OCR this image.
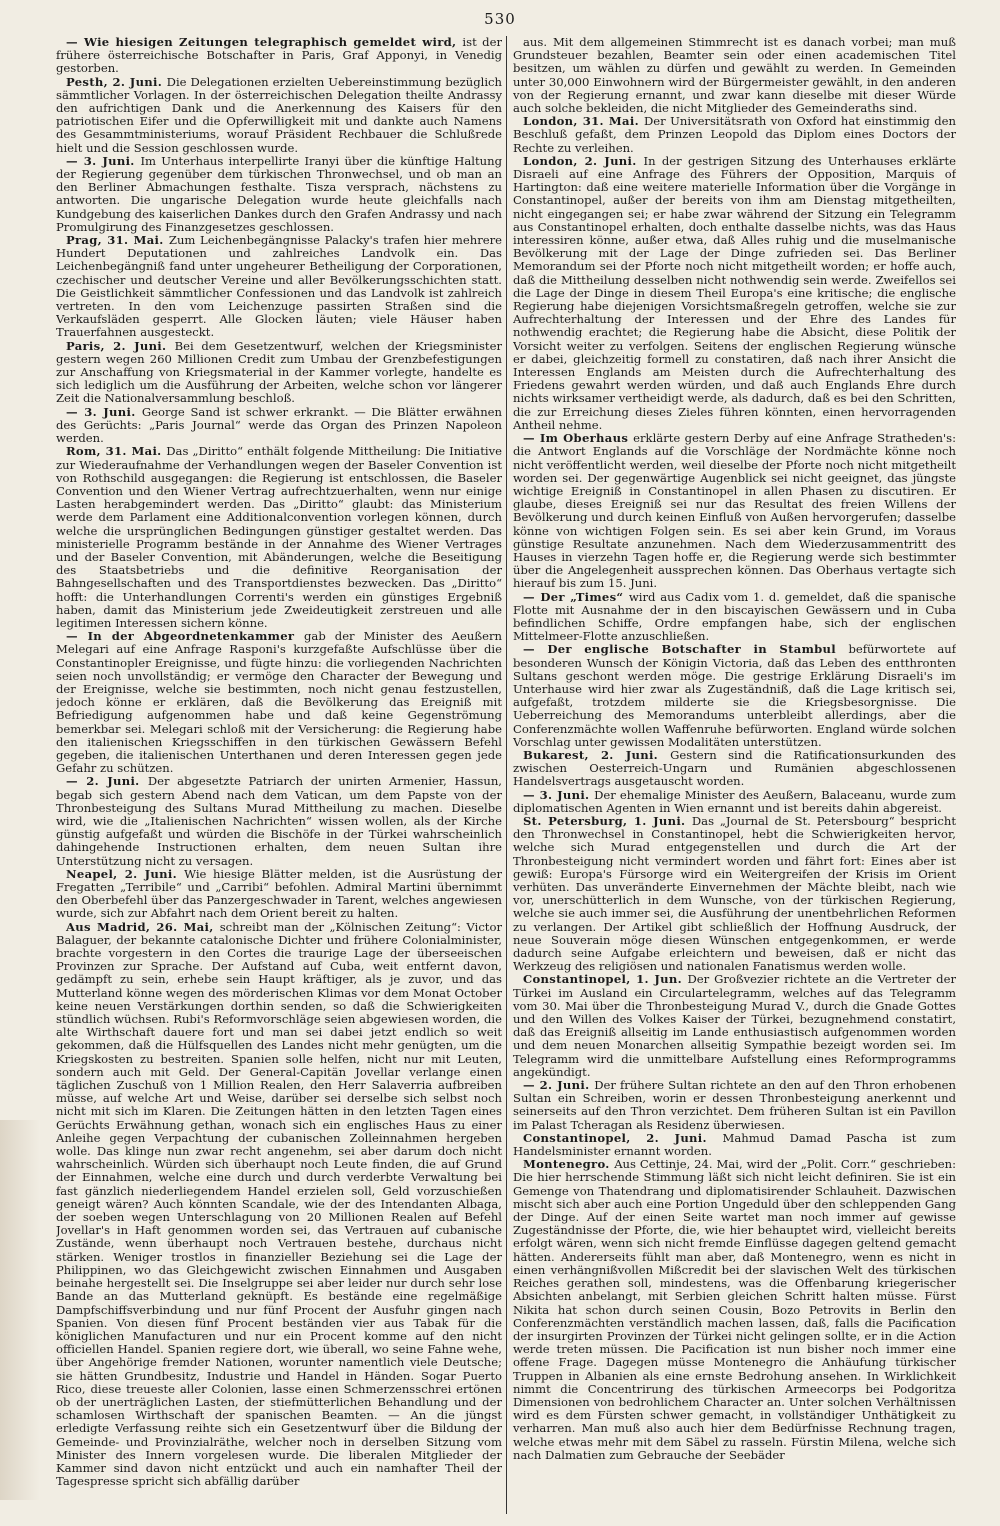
530

— Wie hiesigen Zeitungen telegraphisch gemeldet wird, ist der frühere österreichische Botschafter in Paris, Graf Apponyi, in Venedig gestorben.

Pesth, 2. Juni. Die Delegationen erzielten Uebereinstimmung bezüglich sämmtlicher Vorlagen. In der österreichischen Delegation theilte Andrassy den aufrichtigen Dank und die Anerkennung des Kaisers für den patriotischen Eifer und die Opferwilligkeit mit und dankte auch Namens des Gesammtministeriums, worauf Präsident Rechbauer die Schlußrede hielt und die Session geschlossen wurde.

— 3. Juni. Im Unterhaus interpellirte Iranyi über die künftige Haltung der Regierung gegenüber dem türkischen Thronwechsel, und ob man an den Berliner Abmachungen festhalte. Tisza versprach, nächstens zu antworten. Die ungarische Delegation wurde heute gleichfalls nach Kundgebung des kaiserlichen Dankes durch den Grafen Andrassy und nach Promulgirung des Finanzgesetzes geschlossen.

Prag, 31. Mai. Zum Leichenbegängnisse Palacky's trafen hier mehrere Hundert Deputationen und zahlreiches Landvolk ein. Das Leichenbegängniß fand unter ungeheurer Betheiligung der Corporationen, czechischer und deutscher Vereine und aller Bevölkerungsschichten statt. Die Geistlichkeit sämmtlicher Confessionen und das Landvolk ist zahlreich vertreten. In den vom Leichenzuge passirten Straßen sind die Verkaufsläden gesperrt. Alle Glocken läuten; viele Häuser haben Trauerfahnen ausgesteckt.

Paris, 2. Juni. Bei dem Gesetzentwurf, welchen der Kriegsminister gestern wegen 260 Millionen Credit zum Umbau der Grenzbefestigungen zur Anschaffung von Kriegsmaterial in der Kammer vorlegte, handelte es sich lediglich um die Ausführung der Arbeiten, welche schon vor längerer Zeit die Nationalversammlung beschloß.

— 3. Juni. George Sand ist schwer erkrankt. — Die Blätter erwähnen des Gerüchts: „Paris Journal“ werde das Organ des Prinzen Napoleon werden.

Rom, 31. Mai. Das „Diritto“ enthält folgende Mittheilung: Die Initiative zur Wiederaufnahme der Verhandlungen wegen der Baseler Convention ist von Rothschild ausgegangen: die Regierung ist entschlossen, die Baseler Convention und den Wiener Vertrag aufrechtzuerhalten, wenn nur einige Lasten herabgemindert werden. Das „Diritto“ glaubt: das Ministerium werde dem Parlament eine Additionalconvention vorlegen können, durch welche die ursprünglichen Bedingungen günstiger gestaltet werden. Das ministerielle Programm bestände in der Annahme des Wiener Vertrages und der Baseler Convention, mit Abänderungen, welche die Beseitigung des Staatsbetriebs und die definitive Reorganisation der Bahngesellschaften und des Transportdienstes bezwecken. Das „Diritto“ hofft: die Unterhandlungen Correnti's werden ein günstiges Ergebniß haben, damit das Ministerium jede Zweideutigkeit zerstreuen und alle legitimen Interessen sichern könne.

— In der Abgeordnetenkammer gab der Minister des Aeußern Melegari auf eine Anfrage Rasponi's kurzgefaßte Aufschlüsse über die Constantinopler Ereignisse, und fügte hinzu: die vorliegenden Nachrichten seien noch unvollständig; er vermöge den Character der Bewegung und der Ereignisse, welche sie bestimmten, noch nicht genau festzustellen, jedoch könne er erklären, daß die Bevölkerung das Ereigniß mit Befriedigung aufgenommen habe und daß keine Gegenströmung bemerkbar sei. Melegari schloß mit der Versicherung: die Regierung habe den italienischen Kriegsschiffen in den türkischen Gewässern Befehl gegeben, die italienischen Unterthanen und deren Interessen gegen jede Gefahr zu schützen.

— 2. Juni. Der abgesetzte Patriarch der unirten Armenier, Hassun, begab sich gestern Abend nach dem Vatican, um dem Papste von der Thronbesteigung des Sultans Murad Mittheilung zu machen. Dieselbe wird, wie die „Italienischen Nachrichten“ wissen wollen, als der Kirche günstig aufgefaßt und würden die Bischöfe in der Türkei wahrscheinlich dahingehende Instructionen erhalten, dem neuen Sultan ihre Unterstützung nicht zu versagen.

Neapel, 2. Juni. Wie hiesige Blätter melden, ist die Ausrüstung der Fregatten „Terribile“ und „Carribi“ befohlen. Admiral Martini übernimmt den Oberbefehl über das Panzergeschwader in Tarent, welches angewiesen wurde, sich zur Abfahrt nach dem Orient bereit zu halten.

Aus Madrid, 26. Mai, schreibt man der „Kölnischen Zeitung“: Victor Balaguer, der bekannte catalonische Dichter und frühere Colonialminister, brachte vorgestern in den Cortes die traurige Lage der überseeischen Provinzen zur Sprache. Der Aufstand auf Cuba, weit entfernt davon, gedämpft zu sein, erhebe sein Haupt kräftiger, als je zuvor, und das Mutterland könne wegen des mörderischen Klimas vor dem Monat October keine neuen Verstärkungen dorthin senden, so daß die Schwierigkeiten stündlich wüchsen. Rubi's Reformvorschläge seien abgewiesen worden, die alte Wirthschaft dauere fort und man sei dabei jetzt endlich so weit gekommen, daß die Hülfsquellen des Landes nicht mehr genügten, um die Kriegskosten zu bestreiten. Spanien solle helfen, nicht nur mit Leuten, sondern auch mit Geld. Der General-Capitän Jovellar verlange einen täglichen Zuschuß von 1 Million Realen, den Herr Salaverria aufbreiben müsse, auf welche Art und Weise, darüber sei derselbe sich selbst noch nicht mit sich im Klaren. Die Zeitungen hätten in den letzten Tagen eines Gerüchts Erwähnung gethan, wonach sich ein englisches Haus zu einer Anleihe gegen Verpachtung der cubanischen Zolleinnahmen hergeben wolle. Das klinge nun zwar recht angenehm, sei aber darum doch nicht wahrscheinlich. Würden sich überhaupt noch Leute finden, die auf Grund der Einnahmen, welche eine durch und durch verderbte Verwaltung bei fast gänzlich niederliegendem Handel erzielen soll, Geld vorzuschießen geneigt wären? Auch könnten Scandale, wie der des Intendanten Albaga, der soeben wegen Unterschlagung von 20 Millionen Realen auf Befehl Jovellar's in Haft genommen worden sei, das Vertrauen auf cubanische Zustände, wenn überhaupt noch Vertrauen bestehe, durchaus nicht stärken. Weniger trostlos in finanzieller Beziehung sei die Lage der Philippinen, wo das Gleichgewicht zwischen Einnahmen und Ausgaben beinahe hergestellt sei. Die Inselgruppe sei aber leider nur durch sehr lose Bande an das Mutterland geknüpft. Es bestände eine regelmäßige Dampfschiffsverbindung und nur fünf Procent der Ausfuhr gingen nach Spanien. Von diesen fünf Procent beständen vier aus Tabak für die königlichen Manufacturen und nur ein Procent komme auf den nicht officiellen Handel. Spanien regiere dort, wie überall, wo seine Fahne wehe, über Angehörige fremder Nationen, worunter namentlich viele Deutsche; sie hätten Grundbesitz, Industrie und Handel in Händen. Sogar Puerto Rico, diese treueste aller Colonien, lasse einen Schmerzensschrei ertönen ob der unerträglichen Lasten, der stiefmütterlichen Behandlung und der schamlosen Wirthschaft der spanischen Beamten. — An die jüngst erledigte Verfassung reihte sich ein Gesetzentwurf über die Bildung der Gemeinde- und Provinzialräthe, welcher noch in derselben Sitzung vom Minister des Innern vorgelesen wurde. Die liberalen Mitglieder der Kammer sind davon nicht entzückt und auch ein namhafter Theil der Tagespresse spricht sich abfällig darüber

aus. Mit dem allgemeinen Stimmrecht ist es danach vorbei; man muß Grundsteuer bezahlen, Beamter sein oder einen academischen Titel besitzen, um wählen zu dürfen und gewählt zu werden. In Gemeinden unter 30,000 Einwohnern wird der Bürgermeister gewählt, in den anderen von der Regierung ernannt, und zwar kann dieselbe mit dieser Würde auch solche bekleiden, die nicht Mitglieder des Gemeinderaths sind.

London, 31. Mai. Der Universitätsrath von Oxford hat einstimmig den Beschluß gefaßt, dem Prinzen Leopold das Diplom eines Doctors der Rechte zu verleihen.

London, 2. Juni. In der gestrigen Sitzung des Unterhauses erklärte Disraeli auf eine Anfrage des Führers der Opposition, Marquis of Hartington: daß eine weitere materielle Information über die Vorgänge in Constantinopel, außer der bereits von ihm am Dienstag mitgetheilten, nicht eingegangen sei; er habe zwar während der Sitzung ein Telegramm aus Constantinopel erhalten, doch enthalte dasselbe nichts, was das Haus interessiren könne, außer etwa, daß Alles ruhig und die muselmanische Bevölkerung mit der Lage der Dinge zufrieden sei. Das Berliner Memorandum sei der Pforte noch nicht mitgetheilt worden; er hoffe auch, daß die Mittheilung desselben nicht nothwendig sein werde. Zweifellos sei die Lage der Dinge in diesem Theil Europa's eine kritische; die englische Regierung habe diejenigen Vorsichtsmaßregeln getroffen, welche sie zur Aufrechterhaltung der Interessen und der Ehre des Landes für nothwendig erachtet; die Regierung habe die Absicht, diese Politik der Vorsicht weiter zu verfolgen. Seitens der englischen Regierung wünsche er dabei, gleichzeitig formell zu constatiren, daß nach ihrer Ansicht die Interessen Englands am Meisten durch die Aufrechterhaltung des Friedens gewahrt werden würden, und daß auch Englands Ehre durch nichts wirksamer vertheidigt werde, als dadurch, daß es bei den Schritten, die zur Erreichung dieses Zieles führen könnten, einen hervorragenden Antheil nehme.

— Im Oberhaus erklärte gestern Derby auf eine Anfrage Stratheden's: die Antwort Englands auf die Vorschläge der Nordmächte könne noch nicht veröffentlicht werden, weil dieselbe der Pforte noch nicht mitgetheilt worden sei. Der gegenwärtige Augenblick sei nicht geeignet, das jüngste wichtige Ereigniß in Constantinopel in allen Phasen zu discutiren. Er glaube, dieses Ereigniß sei nur das Resultat des freien Willens der Bevölkerung und durch keinen Einfluß von Außen hervorgerufen; dasselbe könne von wichtigen Folgen sein. Es sei aber kein Grund, im Voraus günstige Resultate anzunehmen. Nach dem Wiederzusammentritt des Hauses in vierzehn Tagen hoffe er, die Regierung werde sich bestimmter über die Angelegenheit aussprechen können. Das Oberhaus vertagte sich hierauf bis zum 15. Juni.

— Der „Times“ wird aus Cadix vom 1. d. gemeldet, daß die spanische Flotte mit Ausnahme der in den biscayischen Gewässern und in Cuba befindlichen Schiffe, Ordre empfangen habe, sich der englischen Mittelmeer-Flotte anzuschließen.

— Der englische Botschafter in Stambul befürwortete auf besonderen Wunsch der Königin Victoria, daß das Leben des entthronten Sultans geschont werden möge. Die gestrige Erklärung Disraeli's im Unterhause wird hier zwar als Zugeständniß, daß die Lage kritisch sei, aufgefaßt, trotzdem milderte sie die Kriegsbesorgnisse. Die Ueberreichung des Memorandums unterbleibt allerdings, aber die Conferenzmächte wollen Waffenruhe befürworten. England würde solchen Vorschlag unter gewissen Modalitäten unterstützen.

Bukarest, 2. Juni. Gestern sind die Ratificationsurkunden des zwischen Oesterreich-Ungarn und Rumänien abgeschlossenen Handelsvertrags ausgetauscht worden.

— 3. Juni. Der ehemalige Minister des Aeußern, Balaceanu, wurde zum diplomatischen Agenten in Wien ernannt und ist bereits dahin abgereist.

St. Petersburg, 1. Juni. Das „Journal de St. Petersbourg“ bespricht den Thronwechsel in Constantinopel, hebt die Schwierigkeiten hervor, welche sich Murad entgegenstellen und durch die Art der Thronbesteigung nicht vermindert worden und fährt fort: Eines aber ist gewiß: Europa's Fürsorge wird ein Weitergreifen der Krisis im Orient verhüten. Das unveränderte Einvernehmen der Mächte bleibt, nach wie vor, unerschütterlich in dem Wunsche, von der türkischen Regierung, welche sie auch immer sei, die Ausführung der unentbehrlichen Reformen zu verlangen. Der Artikel gibt schließlich der Hoffnung Ausdruck, der neue Souverain möge diesen Wünschen entgegenkommen, er werde dadurch seine Aufgabe erleichtern und beweisen, daß er nicht das Werkzeug des religiösen und nationalen Fanatismus werden wolle.

Constantinopel, 1. Jun. Der Großvezier richtete an die Vertreter der Türkei im Ausland ein Circulartelegramm, welches auf das Telegramm vom 30. Mai über die Thronbesteigung Murad V., durch die Gnade Gottes und den Willen des Volkes Kaiser der Türkei, bezugnehmend constatirt, daß das Ereigniß allseitig im Lande enthusiastisch aufgenommen worden und dem neuen Monarchen allseitig Sympathie bezeigt worden sei. Im Telegramm wird die unmittelbare Aufstellung eines Reformprogramms angekündigt.

— 2. Juni. Der frühere Sultan richtete an den auf den Thron erhobenen Sultan ein Schreiben, worin er dessen Thronbesteigung anerkennt und seinerseits auf den Thron verzichtet. Dem früheren Sultan ist ein Pavillon im Palast Tcheragan als Residenz überwiesen.

Constantinopel, 2. Juni. Mahmud Damad Pascha ist zum Handelsminister ernannt worden.

Montenegro. Aus Cettinje, 24. Mai, wird der „Polit. Corr.“ geschrieben: Die hier herrschende Stimmung läßt sich nicht leicht definiren. Sie ist ein Gemenge von Thatendrang und diplomatisirender Schlauheit. Dazwischen mischt sich aber auch eine Portion Ungeduld über den schleppenden Gang der Dinge. Auf der einen Seite wartet man noch immer auf gewisse Zugeständnisse der Pforte, die, wie hier behauptet wird, vielleicht bereits erfolgt wären, wenn sich nicht fremde Einflüsse dagegen geltend gemacht hätten. Andererseits fühlt man aber, daß Montenegro, wenn es nicht in einen verhängnißvollen Mißcredit bei der slavischen Welt des türkischen Reiches gerathen soll, mindestens, was die Offenbarung kriegerischer Absichten anbelangt, mit Serbien gleichen Schritt halten müsse. Fürst Nikita hat schon durch seinen Cousin, Bozo Petrovits in Berlin den Conferenzmächten verständlich machen lassen, daß, falls die Pacification der insurgirten Provinzen der Türkei nicht gelingen sollte, er in die Action werde treten müssen. Die Pacification ist nun bisher noch immer eine offene Frage. Dagegen müsse Montenegro die Anhäufung türkischer Truppen in Albanien als eine ernste Bedrohung ansehen. In Wirklichkeit nimmt die Concentrirung des türkischen Armeecorps bei Podgoritza Dimensionen von bedrohlichem Character an. Unter solchen Verhältnissen wird es dem Fürsten schwer gemacht, in vollständiger Unthätigkeit zu verharren. Man muß also auch hier dem Bedürfnisse Rechnung tragen, welche etwas mehr mit dem Säbel zu rasseln. Fürstin Milena, welche sich nach Dalmatien zum Gebrauche der Seebäder
